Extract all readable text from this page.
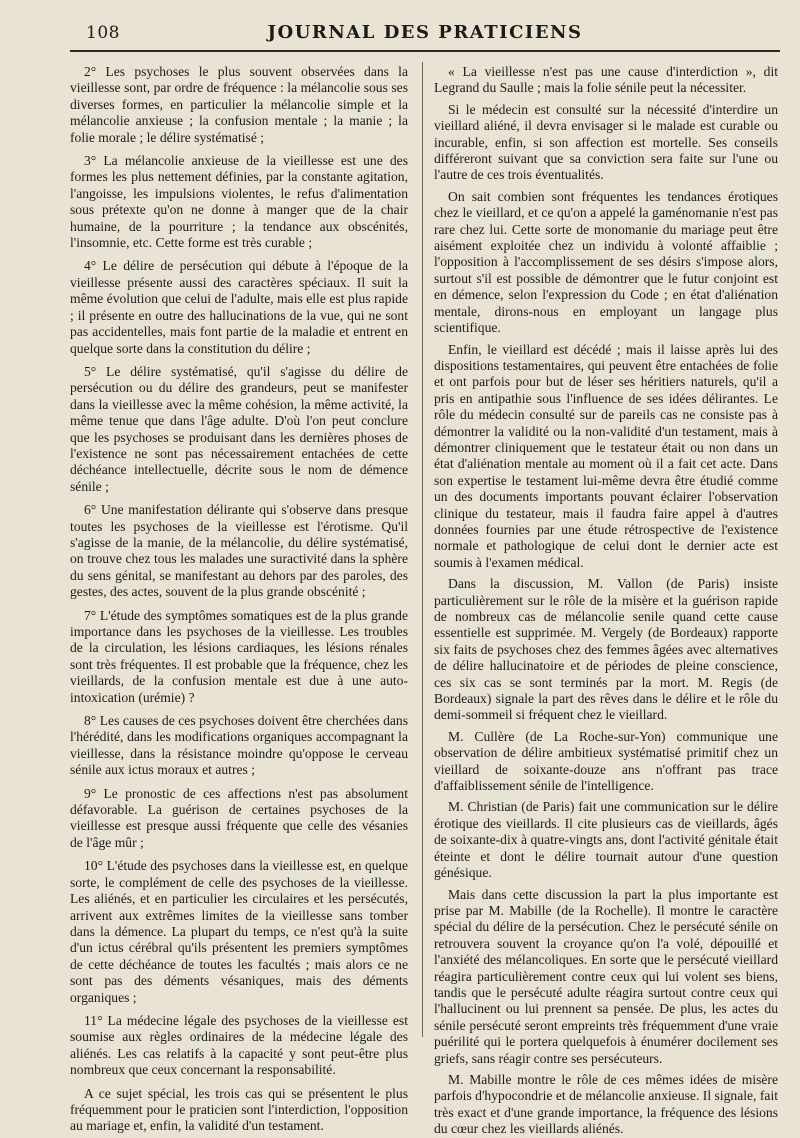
108	JOURNAL DES PRATICIENS

2° Les psychoses le plus souvent observées dans la vieillesse sont, par ordre de fréquence : la mélancolie sous ses diverses formes, en particulier la mélancolie simple et la mélancolie anxieuse ; la confusion mentale ; la manie ; la folie morale ; le délire systématisé ;

3° La mélancolie anxieuse de la vieillesse est une des formes les plus nettement définies, par la constante agitation, l'angoisse, les impulsions violentes, le refus d'alimentation sous prétexte qu'on ne donne à manger que de la chair humaine, de la pourriture ; la tendance aux obscénités, l'insomnie, etc. Cette forme est très curable ;

4° Le délire de persécution qui débute à l'époque de la vieillesse présente aussi des caractères spéciaux. Il suit la même évolution que celui de l'adulte, mais elle est plus rapide ; il présente en outre des hallucinations de la vue, qui ne sont pas accidentelles, mais font partie de la maladie et entrent en quelque sorte dans la constitution du délire ;

5° Le délire systématisé, qu'il s'agisse du délire de persécution ou du délire des grandeurs, peut se manifester dans la vieillesse avec la même cohésion, la même activité, la même tenue que dans l'âge adulte. D'où l'on peut conclure que les psychoses se produisant dans les dernières phoses de l'existence ne sont pas nécessairement entachées de cette déchéance intellectuelle, décrite sous le nom de démence sénile ;

6° Une manifestation délirante qui s'observe dans presque toutes les psychoses de la vieillesse est l'érotisme. Qu'il s'agisse de la manie, de la mélancolie, du délire systématisé, on trouve chez tous les malades une suractivité dans la sphère du sens génital, se manifestant au dehors par des paroles, des gestes, des actes, souvent de la plus grande obscénité ;

7° L'étude des symptômes somatiques est de la plus grande importance dans les psychoses de la vieillesse. Les troubles de la circulation, les lésions cardiaques, les lésions rénales sont très fréquentes. Il est probable que la fréquence, chez les vieillards, de la confusion mentale est due à une auto-intoxication (urémie) ?

8° Les causes de ces psychoses doivent être cherchées dans l'hérédité, dans les modifications organiques accompagnant la vieillesse, dans la résistance moindre qu'oppose le cerveau sénile aux ictus moraux et autres ;

9° Le pronostic de ces affections n'est pas absolument défavorable. La guérison de certaines psychoses de la vieillesse est presque aussi fréquente que celle des vésanies de l'âge mûr ;

10° L'étude des psychoses dans la vieillesse est, en quelque sorte, le complément de celle des psychoses de la vieillesse. Les aliénés, et en particulier les circulaires et les persécutés, arrivent aux extrêmes limites de la vieillesse sans tomber dans la démence. La plupart du temps, ce n'est qu'à la suite d'un ictus cérébral qu'ils présentent les premiers symptômes de cette déchéance de toutes les facultés ; mais alors ce ne sont pas des déments vésaniques, mais des déments organiques ;

11° La médecine légale des psychoses de la vieillesse est soumise aux règles ordinaires de la médecine légale des aliénés. Les cas relatifs à la capacité y sont peut-être plus nombreux que ceux concernant la responsabilité.

A ce sujet spécial, les trois cas qui se présentent le plus fréquemment pour le praticien sont l'interdiction, l'opposition au mariage et, enfin, la validité d'un testament.

« La vieillesse n'est pas une cause d'interdiction », dit Legrand du Saulle ; mais la folie sénile peut la nécessiter.

Si le médecin est consulté sur la nécessité d'interdire un vieillard aliéné, il devra envisager si le malade est curable ou incurable, enfin, si son affection est mortelle. Ses conseils différeront suivant que sa conviction sera faite sur l'une ou l'autre de ces trois éventualités.

On sait combien sont fréquentes les tendances érotiques chez le vieillard, et ce qu'on a appelé la gaménomanie n'est pas rare chez lui. Cette sorte de monomanie du mariage peut être aisément exploitée chez un individu à volonté affaiblie ; l'opposition à l'accomplissement de ses désirs s'impose alors, surtout s'il est possible de démontrer que le futur conjoint est en démence, selon l'expression du Code ; en état d'aliénation mentale, dirons-nous en employant un langage plus scientifique.

Enfin, le vieillard est décédé ; mais il laisse après lui des dispositions testamentaires, qui peuvent être entachées de folie et ont parfois pour but de léser ses héritiers naturels, qu'il a pris en antipathie sous l'influence de ses idées délirantes. Le rôle du médecin consulté sur de pareils cas ne consiste pas à démontrer la validité ou la non-validité d'un testament, mais à démontrer cliniquement que le testateur était ou non dans un état d'aliénation mentale au moment où il a fait cet acte. Dans son expertise le testament lui-même devra être étudié comme un des documents importants pouvant éclairer l'observation clinique du testateur, mais il faudra faire appel à d'autres données fournies par une étude rétrospective de l'existence normale et pathologique de celui dont le dernier acte est soumis à l'examen médical.

Dans la discussion, M. Vallon (de Paris) insiste particulièrement sur le rôle de la misère et la guérison rapide de nombreux cas de mélancolie senile quand cette cause essentielle est supprimée. M. Vergely (de Bordeaux) rapporte six faits de psychoses chez des femmes âgées avec alternatives de délire hallucinatoire et de périodes de pleine conscience, ces six cas se sont terminés par la mort. M. Regis (de Bordeaux) signale la part des rêves dans le délire et le rôle du demi-sommeil si fréquent chez le vieillard.

M. Cullère (de La Roche-sur-Yon) communique une observation de délire ambitieux systématisé primitif chez un vieillard de soixante-douze ans n'offrant pas trace d'affaiblissement sénile de l'intelligence.

M. Christian (de Paris) fait une communication sur le délire érotique des vieillards. Il cite plusieurs cas de vieillards, âgés de soixante-dix à quatre-vingts ans, dont l'activité génitale était éteinte et dont le délire tournait autour d'une question génésique.

Mais dans cette discussion la part la plus importante est prise par M. Mabille (de la Rochelle). Il montre le caractère spécial du délire de la persécution. Chez le persécuté sénile on retrouvera souvent la croyance qu'on l'a volé, dépouillé et l'anxiété des mélancoliques. En sorte que le persécuté vieillard réagira particulièrement contre ceux qui lui volent ses biens, tandis que le persécuté adulte réagira surtout contre ceux qui l'hallucinent ou lui prennent sa pensée. De plus, les actes du sénile persécuté seront empreints très fréquemment d'une vraie puérilité qui le portera quelquefois à énumérer docilement ses griefs, sans réagir contre ses persécuteurs.

M. Mabille montre le rôle de ces mêmes idées de misère parfois d'hypocondrie et de mélancolie anxieuse. Il signale, fait très exact et d'une grande importance, la fréquence des lésions du cœur chez les vieillards aliénés.
